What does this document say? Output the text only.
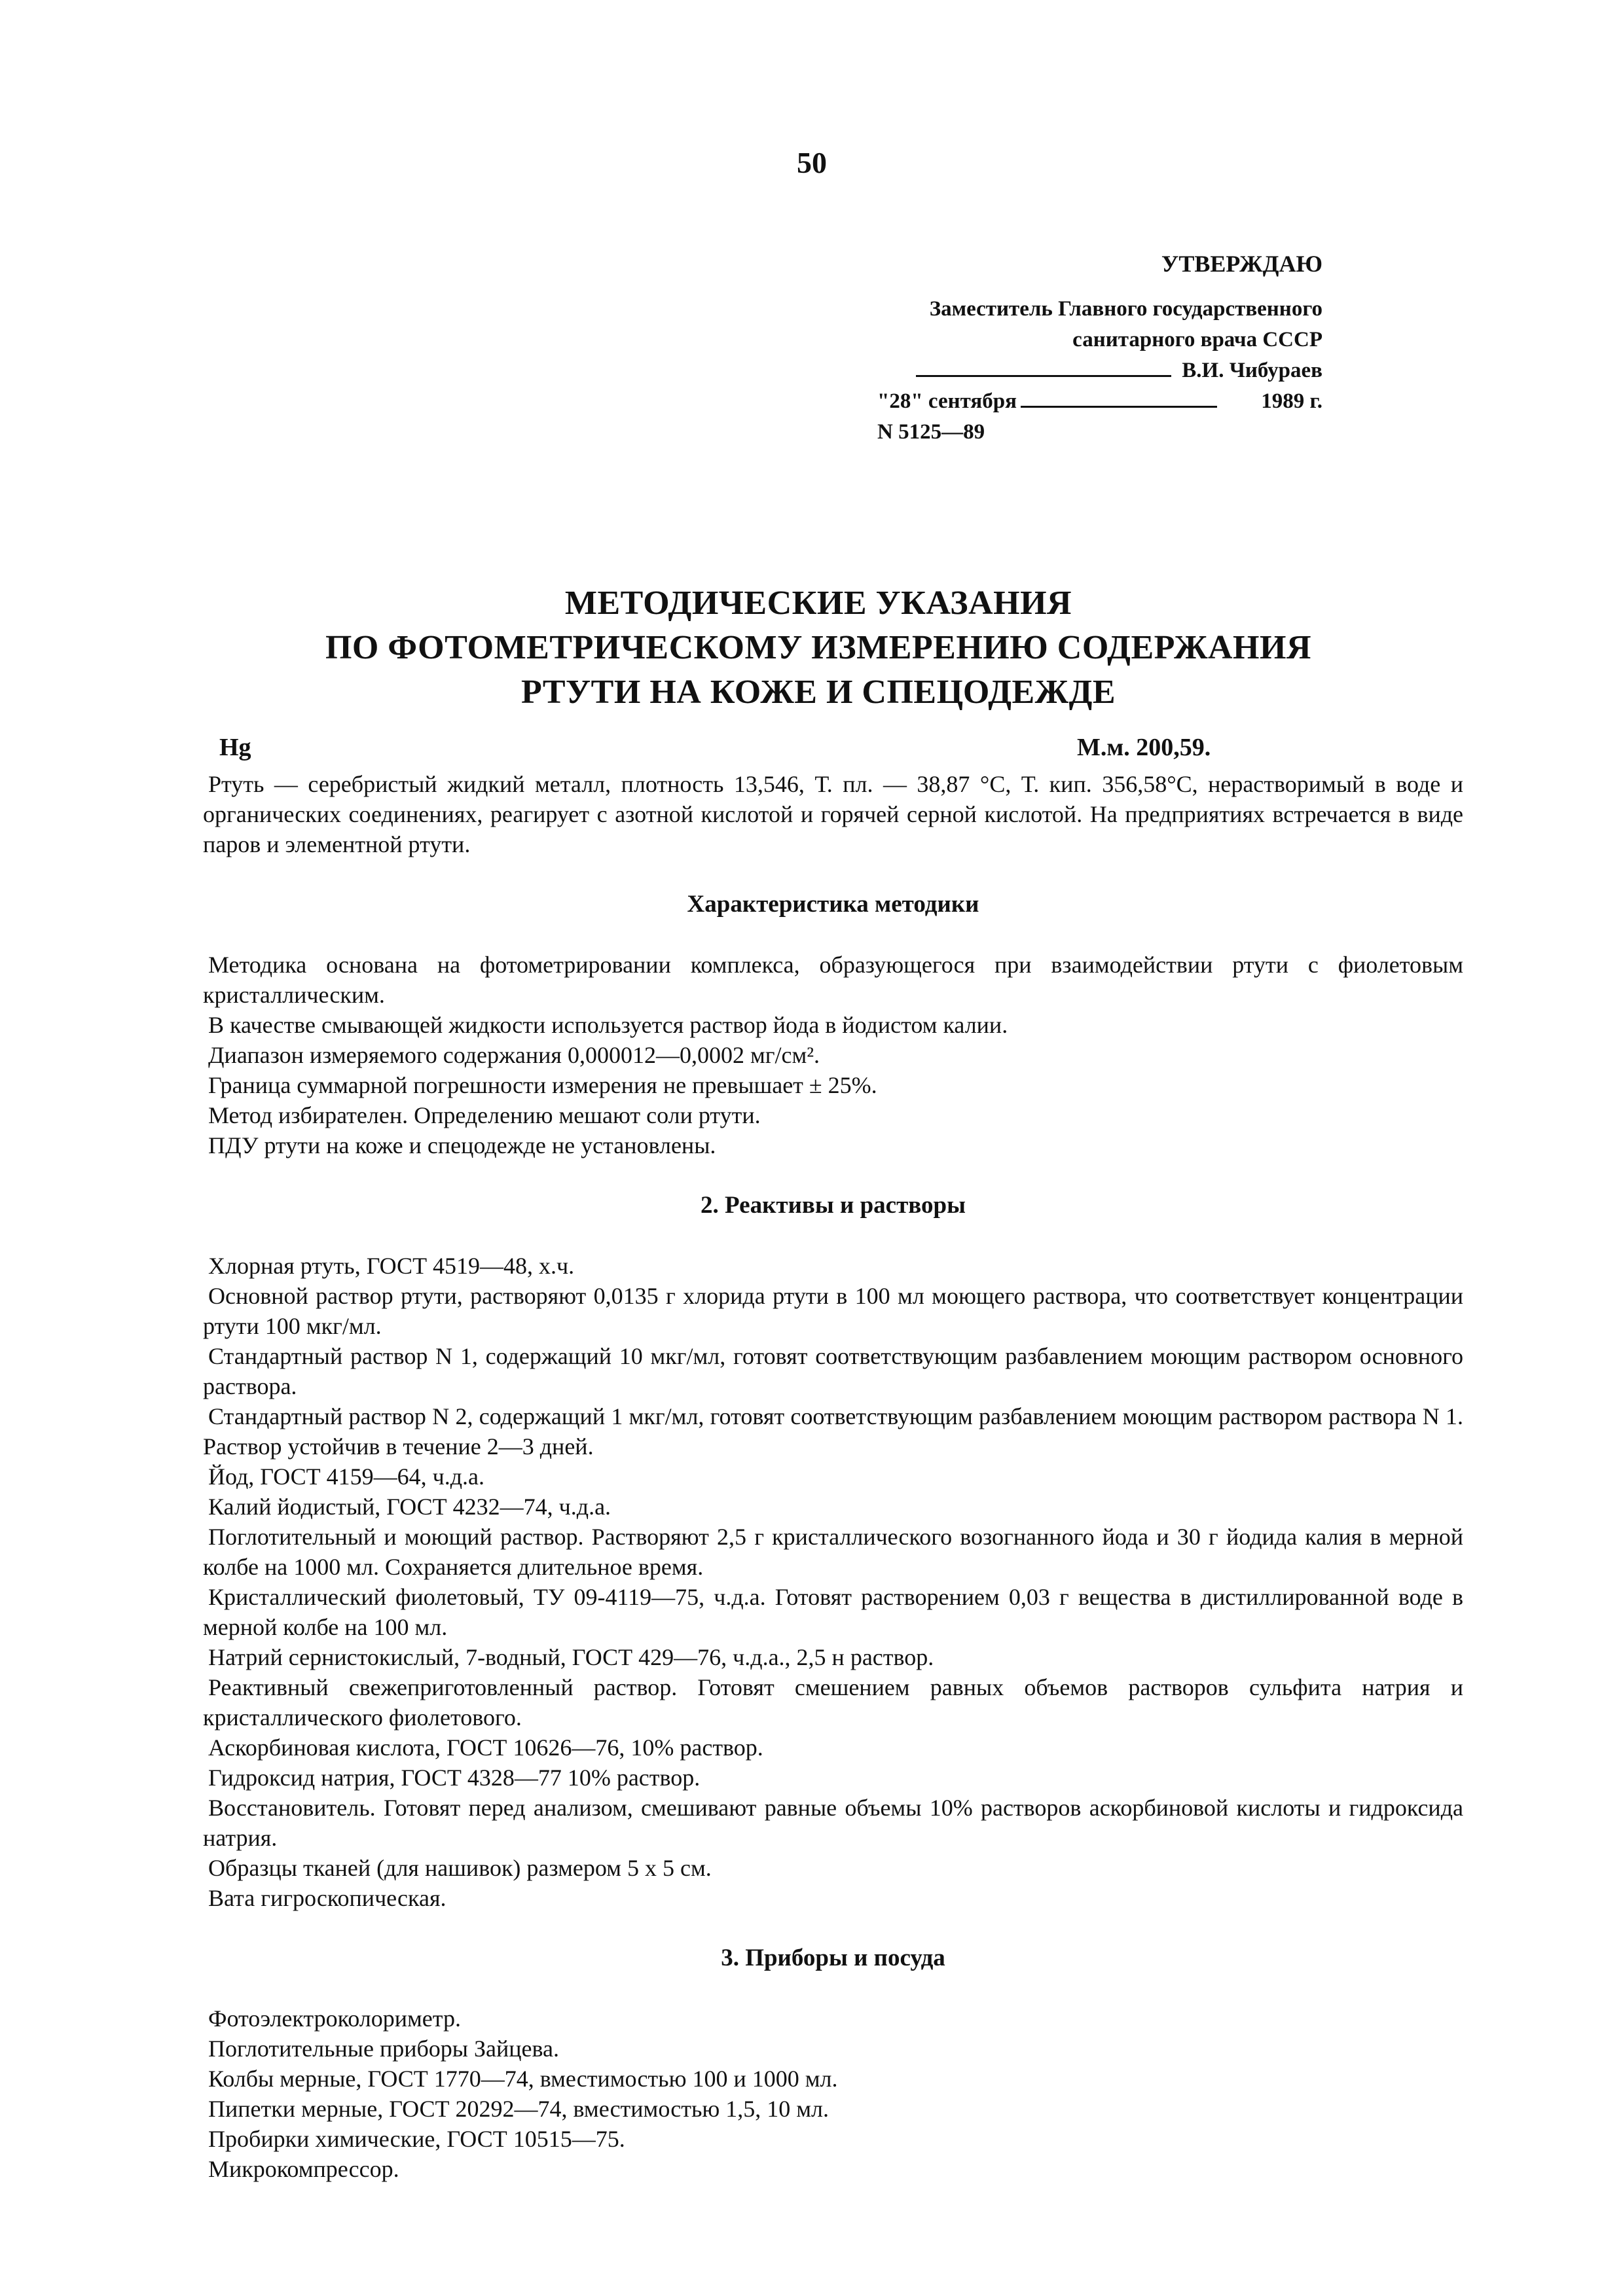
50
УТВЕРЖДАЮ
Заместитель Главного государственного
санитарного врача СССР
В.И. Чибураев
"28" сентября	1989 г.
N 5125—89
МЕТОДИЧЕСКИЕ УКАЗАНИЯ
ПО ФОТОМЕТРИЧЕСКОМУ ИЗМЕРЕНИЮ СОДЕРЖАНИЯ
РТУТИ НА КОЖЕ И СПЕЦОДЕЖДЕ
Hg	М.м. 200,59.

Ртуть — серебристый жидкий металл, плотность 13,546, Т. пл. — 38,87 °С, Т. кип. 356,58°С, нерастворимый в воде и органических соединениях, реагирует с азотной кислотой и горячей серной кислотой. На предприятиях встречается в виде паров и элементной ртути.

Характеристика методики

Методика основана на фотометрировании комплекса, образующегося при взаимодействии ртути с фиолетовым кристаллическим.

В качестве смывающей жидкости используется раствор йода в йодистом калии.

Диапазон измеряемого содержания 0,000012—0,0002 мг/см².

Граница суммарной погрешности измерения не превышает ± 25%.

Метод избирателен. Определению мешают соли ртути.

ПДУ ртути на коже и спецодежде не установлены.

2. Реактивы и растворы

Хлорная ртуть, ГОСТ 4519—48, х.ч.

Основной раствор ртути, растворяют 0,0135 г хлорида ртути в 100 мл моющего раствора, что соответствует концентрации ртути 100 мкг/мл.

Стандартный раствор N 1, содержащий 10 мкг/мл, готовят соответствующим разбавлением моющим раствором основного раствора.

Стандартный раствор N 2, содержащий 1 мкг/мл, готовят соответствующим разбавлением моющим раствором раствора N 1. Раствор устойчив в течение 2—3 дней.

Йод, ГОСТ 4159—64, ч.д.а.

Калий йодистый, ГОСТ 4232—74, ч.д.а.

Поглотительный и моющий раствор. Растворяют 2,5 г кристаллического возогнанного йода и 30 г йодида калия в мерной колбе на 1000 мл. Сохраняется длительное время.

Кристаллический фиолетовый, ТУ 09-4119—75, ч.д.а. Готовят растворением 0,03 г вещества в дистиллированной воде в мерной колбе на 100 мл.

Натрий сернистокислый, 7-водный, ГОСТ 429—76, ч.д.а., 2,5 н раствор.

Реактивный свежеприготовленный раствор. Готовят смешением равных объемов растворов сульфита натрия и кристаллического фиолетового.

Аскорбиновая кислота, ГОСТ 10626—76, 10% раствор.

Гидроксид натрия, ГОСТ 4328—77 10% раствор.

Восстановитель. Готовят перед анализом, смешивают равные объемы 10% растворов аскорбиновой кислоты и гидроксида натрия.

Образцы тканей (для нашивок) размером 5 x 5 см.

Вата гигроскопическая.

3. Приборы и посуда

Фотоэлектроколориметр.

Поглотительные приборы Зайцева.

Колбы мерные, ГОСТ 1770—74, вместимостью 100 и 1000 мл.

Пипетки мерные, ГОСТ 20292—74, вместимостью 1,5, 10 мл.

Пробирки химические, ГОСТ 10515—75.

Микрокомпрессор.
